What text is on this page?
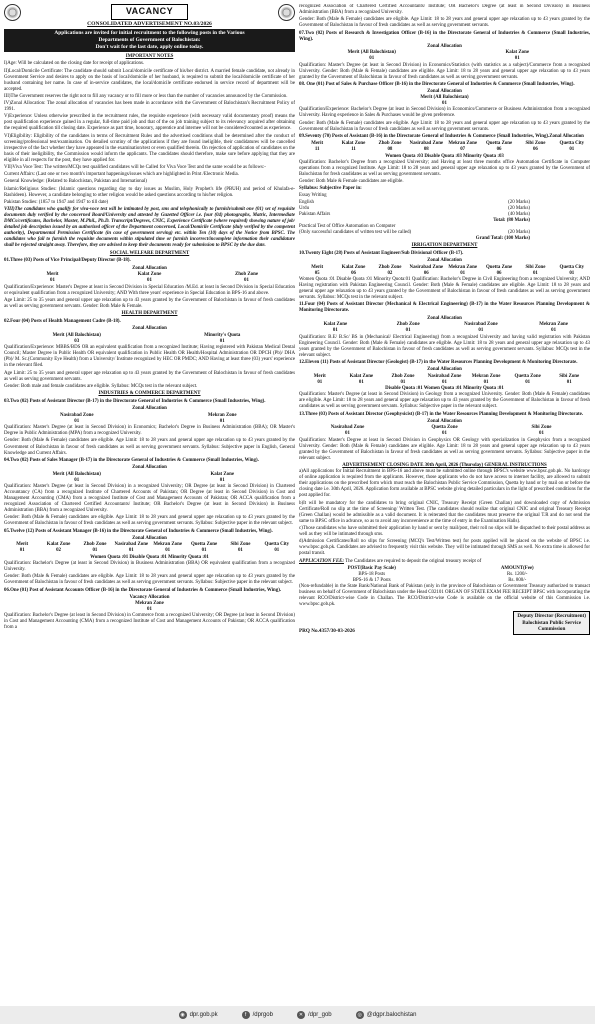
VACANCY
CONSOLIDATED ADVERTISEMENT NO.03/2026
Applications are invited for initial recruitment to the following posts in the Various
Departments of Government of Balochistan:
Don't wait for the last date, apply online today.
IMPORTANT NOTES

I)Age: Will be calculated on the closing date for receipt of applications.

II)Local/Domicile Certificate: The candidate should submit Local/domicile certificate of his/her district. A married female candidate, not already in Government Service and desires to apply on the basis of local/domicile of her husband, is required to submit the local/domicile certificate of her husband containing her name. In case of in-service candidates, the local/domicile certificate endorsed in service record of department will be accepted.

III)The Government reserves the right not to fill any vacancy or to fill more or less than the number of vacancies announced by the Commission.

IV)Zonal Allocation: The zonal allocation of vacancies has been made in accordance with the Government of Balochistan's Recruitment Policy of 1991.

V)Experience: Unless otherwise prescribed in the recruitment rules, the requisite experience (with necessary valid documentary proof) means the post qualification experience gained in a regular, full-time paid job and that of the on job training subject to its relevancy acquired after obtaining the required qualification till closing date. Experience as part time, honorary, apprentice and internee will not be considered/counted as experience.

VI)Eligibility: Eligibility of the candidates in terms of Recruitment Rules and the advertised conditions shall be determined after the conduct of screening/professional test/examination. On detailed scrutiny of the applications if they are found ineligible, their candidatures will be cancelled irrespective of the fact whether they have appeared in the examination/test or even qualified therein. On rejection of application of candidates on the basis of their ineligibility, the Commission would inform the applicants. The candidates should therefore, make sure before applying that they are eligible in all respects for the post, they have applied for.

VII)Viva Voce Test: The written/MCQs test qualified candidates will be Called for Viva Voce Test and the same would be as follows:-

Current Affairs: (Last one or two month's important happenings/issues which are highlighted in Print /Electronic Media.

General Knowledge: (Related to Balochistan, Pakistan and International)

Islamic/Religious Studies: (Islamic questions regarding day to day issues as Muslim, Holy Prophet's life (PBUH) and period of Khulafa-e-Rashideen). However, a candidate belonging to other religion would be asked questions according to his/her religion.

Pakistan Studies: (1857 to 1947 and 1947 to till date)

VIII)The candidates who qualify for viva-voce test will be intimated by post, sms and telephonically to furnish/submit one (01) set of requisite documents duly verified by the concerned Board/University and attested by Guzetted Officer i.e. four (04) photographs, Matric, Intermediate DMCs/certificates, Bachelor, Master, M.Phil., Ph.D. Transcript/Degrees, CNIC, Experience Certificate (where required) showing nature of job/ detailed job description issued by an authorized officer of the Department concerned, Local/Domicile Certificate (duly verified by the competent authority), Departmental Permission Certificate (in case of government serving) etc. within Ten (10) days of the Notice from BPSC. The candidates who fail to furnish the requisite documents within stipulated time or furnish incorrect/incomplete information their candidature shall be rejected straight away. Therefore, they are advised to keep their documents ready for submission to BPSC by the due date.

SOCIAL WELFARE DEPARTMENT

01.Three (03) Posts of Vice Principal/Deputy Director (B-18).

Zonal Allocation
Merit	Kalat Zone	Zhob Zone
01	01	01

Qualification/Experience: Master's Degree at least in Second Division in Special Education /M.Ed. at least in Second Division in Special Education or equivalent qualification from a recognized University; AND With three years' experience in Special Education in BPS-16 and above.

Age Limit: 25 to 35 years and general upper age relaxation up to 43 years granted by the Government of Balochistan in favour of fresh candidates as well as serving government servants. Gender: Both Male & Female.

HEALTH DEPARTMENT

02.Four (04) Posts of Health Management Cadre (B-18).

Zonal Allocation
Merit (All Balochistan)	Minority's Quota
03	01

Qualification/Experience: MBBS/BDS OR an equivalent qualification from a recognized Institute; Having registered with Pakistan Medical Dental Council; Master Degree in Public Health OR equivalent qualification in Public Health OR Health/Hospital Administration OR DPCH (Pb)/ DHA (Pb)/ M. Sc.(Community Eye Health) from a University/ Institute recognized by HEC OR PMDC; AND Having at least three (03) years' experience in the relevant filed.

Age Limit: 25 to 35 years and general upper age relaxation up to 43 years granted by the Government of Balochistan in favour of fresh candidates as well as serving government servants.

Gender: Both male and female candidates are eligible. Syllabus: MCQs test in the relevant subject.

INDUSTRIES & COMMERCE DEPARTMENT

03.Two (02) Posts of Assistant Director (B-17) in the Directorate General of Industries & Commerce (Small Industries, Wing).

Zonal Allocation
Nasirabad Zone	Mekran Zone
01	01

Qualification: Master's Degree (at least in Second Division) in Economics; Bachelor's Degree in Business Administration (BBA); OR Master's Degree in Public Administration (MPA) from a recognized University.

Gender: Both (Male & Female) candidates are eligible. Age Limit: 18 to 28 years and general upper age relaxation up to 43 years granted by the Government of Balochistan in favour of fresh candidates as well as serving government servants. Syllabus: Subjective paper in English, General Knowledge and Current Affairs.

04.Two (02) Posts of Sales Manager (B-17) in the Directorate General of Industries & Commerce (Small Industries, Wing).

Zonal Allocation
Merit (All Balochistan)	Kalat Zone
01	01

Qualification: Master's Degree (at least in Second Division) in a recognized University; OR Degree (at least in Second Division) in Chartered Accountancy (CA) from a recognized Institute of Chartered Accounts of Pakistan; OR Degree (at least in Second Division) in Cost and Management Accounting (CMA) from a recognized Institute of Cost and Management Accounts of Pakistan; OR ACCA qualification from a recognized Association of Chartered Certified Accountants/ Institute; OR Bachelor's Degree (at least in Second Division) in Business Administration (BBA) from a recognized University.

Gender: Both (Male & Female) candidates are eligible. Age Limit: 18 to 28 years and general upper age relaxation up to 43 years granted by the Government of Balochistan in favour of fresh candidates as well as serving government servants. Syllabus: Subjective paper in the relevant subject.

05.Twelve (12) Posts of Assistant Manager (B-16) in the Directorate General of Industries & Commerce (Small Industries, Wing).

Zonal Allocation
Merit	Kalat Zone	Zhob Zone	Nasirabad Zone	Mekran Zone	Quetta Zone	Sibi Zone	Quetta City
01	02	01	01	01	01	01	01
Women Quota :01 Disable Quota :01 Minority Quota :01

Qualification: Bachelor's Degree (at least in Second Division) in Business Administration (BBA) OR equivalent qualification from a recognized University.

Gender: Both (Male & Female) candidates are eligible. Age Limit: 18 to 28 years and general upper age relaxation up to 43 years granted by the Government of Balochistan in favour of fresh candidates as well as serving government servants. Syllabus: Subjective paper in the relevant subject.

06.One (01) Post of Assistant Accounts Officer (B-16) in the Directorate General of Industries & Commerce (Small Industries, Wing).

Vacancy Allocation
Mekran Zone
01

Qualification: Bachelor's Degree (at least in Second Division) in Commerce from a recognized University; OR Degree (at least in Second Division) in Cost and Management Accounting (CMA) from a recognized Institute of Cost and Management Accounts of Pakistan; OR ACCA qualification from a

recognized Association of Chartered Certified Accountants/ Institute; OR Bachelor's Degree (at least in Second Division) in Business Administration (BBA) from a recognized University.

Gender: Both (Male & Female) candidates are eligible. Age Limit: 18 to 28 years and general upper age relaxation up to 43 years granted by the Government of Balochistan in favour of fresh candidates as well as serving government servants.

07.Two (02) Posts of Research & Investigation Officer (B-16) in the Directorate General of Industries & Commerce (Small Industries, Wing).

Zonal Allocation
Merit (All Balochistan)	Kalat Zone
01	01

Qualification: Master's Degree (at least in Second Division) in Economics/Statistics (with statistics as a subject)/Commerce from a recognized University. Gender: Both (Male & Female) candidates are eligible. Age Limit: 18 to 28 years and general upper age relaxation up to 43 years granted by the Government of Balochistan in favour of fresh candidates as well as serving government servants.

08. One (01) Post of Sales & Purchase Officer (B-16) in the Directorate General of Industries & Commerce (Small Industries, Wing).

Zonal Allocation
Merit (All Balochistan)
01

Qualification/Experience: Bachelor's Degree (at least in Second Division) in Economics/Commerce or Business Administration from a recognized University. Having experience in Sales & Purchases would be given preference.

Gender: Both (Male & Female) candidates are eligible. Age Limit: 18 to 28 years and general upper age relaxation up to 43 years granted by the Government of Balochistan in favour of fresh candidates as well as serving government servants.

09.Seventy (70) Posts of Assistant (B-16) in the Directorate General of Industries & Commerce (Small Industries, Wing).Zonal Allocation

Merit	Kalat Zone	Zhob Zone	Nasirabad Zone	Mekran Zone	Quetta Zone	Sibi Zone	Quetta City
11	11	08	08	07	06	06	01
Women Quota :03 Disable Quota :03 Minority Quota :03

Qualification: Bachelor's Degree from a recognized University; and Having at least three months office Automation Certificate in Computer operations from a recognized Institute. Age Limit: 18 to 28 years and general upper age relaxation up to 43 years granted by the Government of Balochistan for fresh candidates as well as serving government servants.

Gender: Both Male & Female candidates are eligible.

Syllabus: Subjective Paper in:

Essay Writing
English	(20 Marks)
Urdu	(20 Marks)
Pakistan Affairs	(40 Marks)
Total: (80 Marks)
Practical Test of Office Automation on Computer
(Only successful candidates of written test will be called)	(20 Marks)
Grand Total: (100 Marks)
IRRIGATION DEPARTMENT

10.Twenty Eight (28) Posts of Assistant Engineer/Sub Divisional Officer (B-17).

Zonal Allocation
Merit	Kalat Zone	Zhob Zone	Nasirabad Zone	Mekran Zone	Quetta Zone	Sibi Zone	Quetta City
05	06	02	06	01	06	01	01

Women Quota :01 Disable Quota :01 Minority Quota:01 Qualification: Bachelor's Degree in Civil Engineering from a recognized University; AND Having registration with Pakistan Engineering Council. Gender: Both (Male & Female) candidates are eligible. Age Limit: 18 to 28 years and general upper age relaxation up to 43 years granted by the Government of Balochistan in favour of fresh candidates as well as serving government servants. Syllabus: MCQs test in the relevant subject.

11.Four (04) Posts of Assistant Director (Mechanical & Electrical Engineering) (B-17) in the Water Resources Planning Development & Monitoring Directorate.

Zonal Allocation
Kalat Zone	Zhob Zone	Nasirabad Zone	Mekran Zone
01	01	01	01

Qualification: B.E/ B.Sc/ BS in (Mechanical/ Electrical Engineering) from a recognized University and having valid registration with Pakistan Engineering Council. Gender: Both (Male & Female) candidates are eligible. Age Limit: 18 to 28 years and general upper age relaxation up to 43 years granted by the Government of Balochistan in favour of fresh candidates as well as serving government servants. Syllabus: MCQs test in the relevant subject.

12.Eleven (11) Posts of Assistant Director (Geologist) (B-17) in the Water Resources Planning Development & Monitoring Directorate.

Zonal Allocation
Merit	Kalat Zone	Zhob Zone	Nasirabad Zone	Mekran Zone	Quetta Zone	Sibi Zone
01	01	01	01	01	01	01
Disable Quota :01 Women Quota :01 Minority Quota :01

Qualification: Master's Degree (at least in Second Division) in Geology from a recognized University. Gender: Both (Male & Female) candidates are eligible. Age Limit: 18 to 28 years and general upper age relaxation up to 43 years granted by the Government of Balochistan in favour of fresh candidates as well as serving government servants. Syllabus: Subjective paper in the relevant subject.

13.Three (03) Posts of Assistant Director (Geophysicist) (B-17) in the Water Resources Planning Development & Monitoring Directorate.

Zonal Allocation
Nasirabad Zone	Quetta Zone	Sibi Zone
01	01	01

Qualification: Master's Degree at least in Second Division in Geophysics OR Geology with specialization in Geophysics from a recognized University. Gender: Both (Male & Female) candidates are eligible. Age Limit: 18 to 28 years and general upper age relaxation up to 43 years granted by the Government of Balochistan in favour of fresh candidates as well as serving government servants. Syllabus: Subjective paper in the relevant subject.

ADVERTISEMENT CLOSING DATE 30th April, 2026 (Thursday) GENERAL INSTRUCTIONS

a)All applications for Initial Recruitment in BPS-16 and above must be submitted online through BPSC's website www.bpsc.gob.pk. No hardcopy of online application is required from the applicants. However, those applicants who do not have access to internet facility, are allowed to submit their applications on the prescribed form which must reach the Balochistan Public Service Commission, Quetta by hand or by mail on or before the closing date i.e. 30th April, 2026. Application form available at BPSC website giving detailed particulars in the light of prescribed conditions for the post applied for.

b)It will be mandatory for the candidates to bring original CNIC, Treasury Receipt (Green Challan) and downloaded copy of Admission Certificate/Roll no slip at the time of Screening/ Written Test. (The candidates should realize that original CNIC and original Treasury Receipt (Green Challan) would be admissible as a valid document. It is reiterated that the candidates must preserve the original T.R and do not send the same to BPSC office in advance, so as to avoid any inconvenience at the time of entry in the Examination Halls).

c)Those candidates who have submitted their application by hand or sent by mail/post, their roll no slips will be dispatched to their postal address as well as they will be intimated through sms.

d)Admission Certificates/Roll no slips for Screening (MCQ's Test/Written test) for posts applied will be placed on the website of BPSC i.e. www.bpsc.gob.pk. Candidates are advised to frequently visit this website. They will be intimated through SMS as well. No extra time is allowed for postal transit.

APPLICATION FEE: The Candidates are required to deposit the original treasury receipt of

POST(Basic Pay Scale)	AMOUNT(Fee)
BPS-18 Posts	Rs. 1200/-
BPS-16 & 17 Posts	Rs. 800/-

(Non-refundable) in the State Bank/National Bank of Pakistan (only in the province of Balochistan or Government Treasury authorized to transact business on behalf of Government of Balochistan under the Head C02101 ORGAN OF STATE EXAM FEE RECEIPT BPSC with incorporating the relevant RCO/District-wise Code in Challan. The RCO/District-wise Code is available on the official website of this Commission i.e. www.bpsc.gob.pk.

PRQ No.4357/30-03-2026
Deputy Director (Recruitment)
Balochistan Public Service
Commission
◉ dpr.gob.pk	f	/dprgob	✕ /dpr_gob	◎ @dgpr.balochistan
